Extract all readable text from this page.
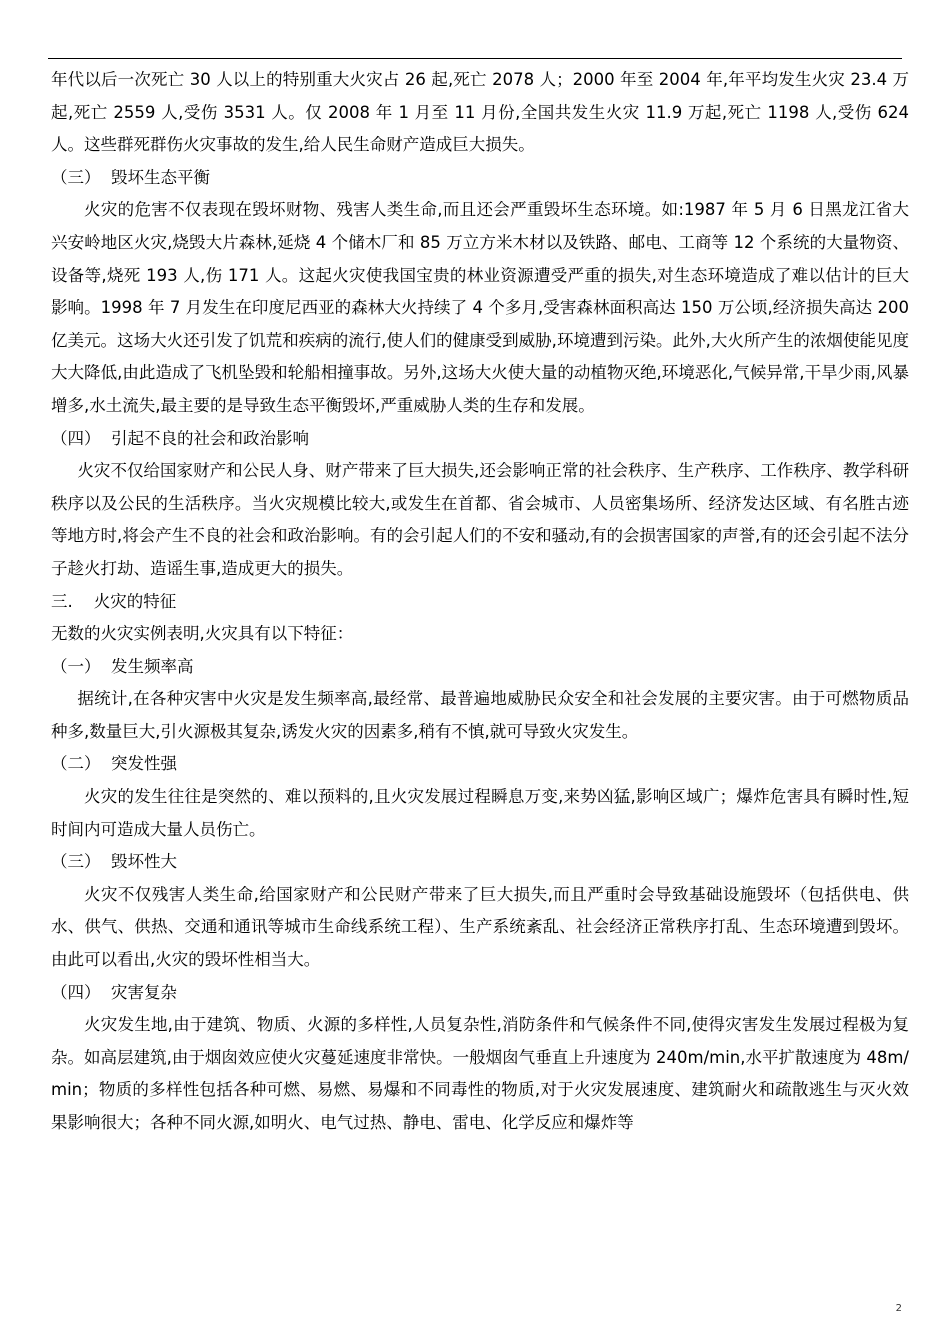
年代以后一次死亡 30 人以上的特别重大火灾占 26 起,死亡 2078 人；2000 年至 2004 年,年平均发生火灾 23.4 万起,死亡 2559 人,受伤 3531 人。仅 2008 年 1 月至 11 月份,全国共发生火灾 11.9 万起,死亡 1198 人,受伤 624 人。这些群死群伤火灾事故的发生,给人民生命财产造成巨大损失。

（三）  毁坏生态平衡

火灾的危害不仅表现在毁坏财物、残害人类生命,而且还会严重毁坏生态环境。如:1987 年 5 月 6 日黑龙江省大兴安岭地区火灾,烧毁大片森林,延烧 4 个储木厂和 85 万立方米木材以及铁路、邮电、工商等 12 个系统的大量物资、设备等,烧死 193 人,伤 171 人。这起火灾使我国宝贵的林业资源遭受严重的损失,对生态环境造成了难以估计的巨大影响。1998 年 7 月发生在印度尼西亚的森林大火持续了 4 个多月,受害森林面积高达 150 万公顷,经济损失高达 200 亿美元。这场大火还引发了饥荒和疾病的流行,使人们的健康受到威胁,环境遭到污染。此外,大火所产生的浓烟使能见度大大降低,由此造成了飞机坠毁和轮船相撞事故。另外,这场大火使大量的动植物灭绝,环境恶化,气候异常,干旱少雨,风暴增多,水土流失,最主要的是导致生态平衡毁坏,严重威胁人类的生存和发展。

（四）  引起不良的社会和政治影响

火灾不仅给国家财产和公民人身、财产带来了巨大损失,还会影响正常的社会秩序、生产秩序、工作秩序、教学科研秩序以及公民的生活秩序。当火灾规模比较大,或发生在首都、省会城市、人员密集场所、经济发达区域、有名胜古迹等地方时,将会产生不良的社会和政治影响。有的会引起人们的不安和骚动,有的会损害国家的声誉,有的还会引起不法分子趁火打劫、造谣生事,造成更大的损失。

三.    火灾的特征

无数的火灾实例表明,火灾具有以下特征：

（一）  发生频率高

据统计,在各种灾害中火灾是发生频率高,最经常、最普遍地威胁民众安全和社会发展的主要灾害。由于可燃物质品种多,数量巨大,引火源极其复杂,诱发火灾的因素多,稍有不慎,就可导致火灾发生。

（二）  突发性强

火灾的发生往往是突然的、难以预料的,且火灾发展过程瞬息万变,来势凶猛,影响区域广；爆炸危害具有瞬时性,短时间内可造成大量人员伤亡。

（三）  毁坏性大

火灾不仅残害人类生命,给国家财产和公民财产带来了巨大损失,而且严重时会导致基础设施毁坏（包括供电、供水、供气、供热、交通和通讯等城市生命线系统工程）、生产系统紊乱、社会经济正常秩序打乱、生态环境遭到毁坏。由此可以看出,火灾的毁坏性相当大。

（四）  灾害复杂

火灾发生地,由于建筑、物质、火源的多样性,人员复杂性,消防条件和气候条件不同,使得灾害发生发展过程极为复杂。如高层建筑,由于烟囱效应使火灾蔓延速度非常快。一般烟囱气垂直上升速度为 240m/min,水平扩散速度为 48m/min；物质的多样性包括各种可燃、易燃、易爆和不同毒性的物质,对于火灾发展速度、建筑耐火和疏散逃生与灭火效果影响很大；各种不同火源,如明火、电气过热、静电、雷电、化学反应和爆炸等

2
